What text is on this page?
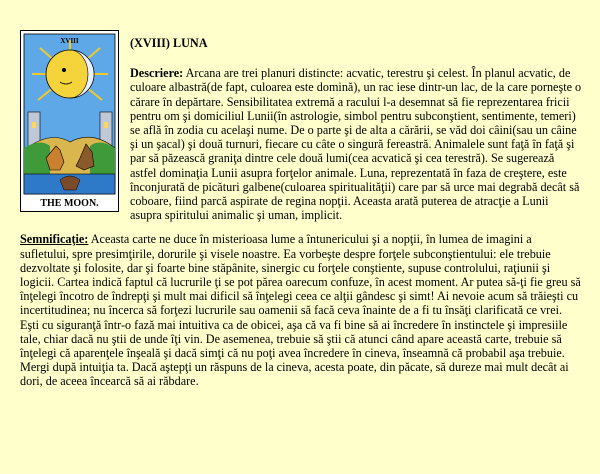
XVIII
THE MOON.
(XVIII) LUNA

Descriere: Arcana are trei planuri distincte: acvatic, terestru şi celest. În planul acvatic, de culoare albastră(de fapt, culoarea este domină), un rac iese dintr-un lac, de la care porneşte o cărare în depărtare. Sensibilitatea extremă a racului l-a desemnat să fie reprezentarea fricii pentru om şi domiciliul Lunii(în astrologie, simbol pentru subconştient, sentimente, temeri) se află în zodia cu acelaşi nume. De o parte şi de alta a cărării, se văd doi câini(sau un câine şi un şacal) şi două turnuri, fiecare cu câte o singură fereastră. Animalele sunt faţă în faţă şi par să păzească graniţa dintre cele două lumi(cea acvatică şi cea terestră). Se sugerează astfel dominaţia Lunii asupra forţelor animale. Luna, reprezentată în faza de creştere, este înconjurată de picături galbene(culoarea spiritualităţii) care par să urce mai degrabă decât să coboare, fiind parcă aspirate de regina nopţii. Aceasta arată puterea de atracţie a Lunii asupra spiritului animalic şi uman, implicit.

Semnificaţie: Aceasta carte ne duce în misterioasa lume a întunericului şi a nopţii, în lumea de imagini a sufletului, spre presimţirile, dorurile şi visele noastre. Ea vorbeşte despre forţele subconştientului: ele trebuie dezvoltate şi folosite, dar şi foarte bine stăpânite, sinergic cu forţele conştiente, supuse controlului, raţiunii şi logicii. Cartea indică faptul că lucrurile ţi se pot părea oarecum confuze, în acest moment. Ar putea să-ţi fie greu să înţelegi încotro de îndrepţi şi mult mai dificil să înţelegi ceea ce alţii gândesc şi simt! Ai nevoie acum să trăieşti cu incertitudinea; nu încerca să forţezi lucrurile sau oamenii să facă ceva înainte de a fi tu însăţi clarificată ce vrei. Eşti cu siguranţă într-o fază mai intuitiva ca de obicei, aşa că va fi bine să ai încredere în instinctele şi impresiile tale, chiar dacă nu ştii de unde îţi vin. De asemenea, trebuie să ştii că atunci când apare această carte, trebuie să înţelegi că aparenţele înşeală şi dacă simţi că nu poţi avea încredere în cineva, înseamnă că probabil aşa trebuie. Mergi după intuiţia ta. Dacă aştepţi un răspuns de la cineva, acesta poate, din păcate, să dureze mai mult decât ai dori, de aceea încearcă să ai răbdare.
